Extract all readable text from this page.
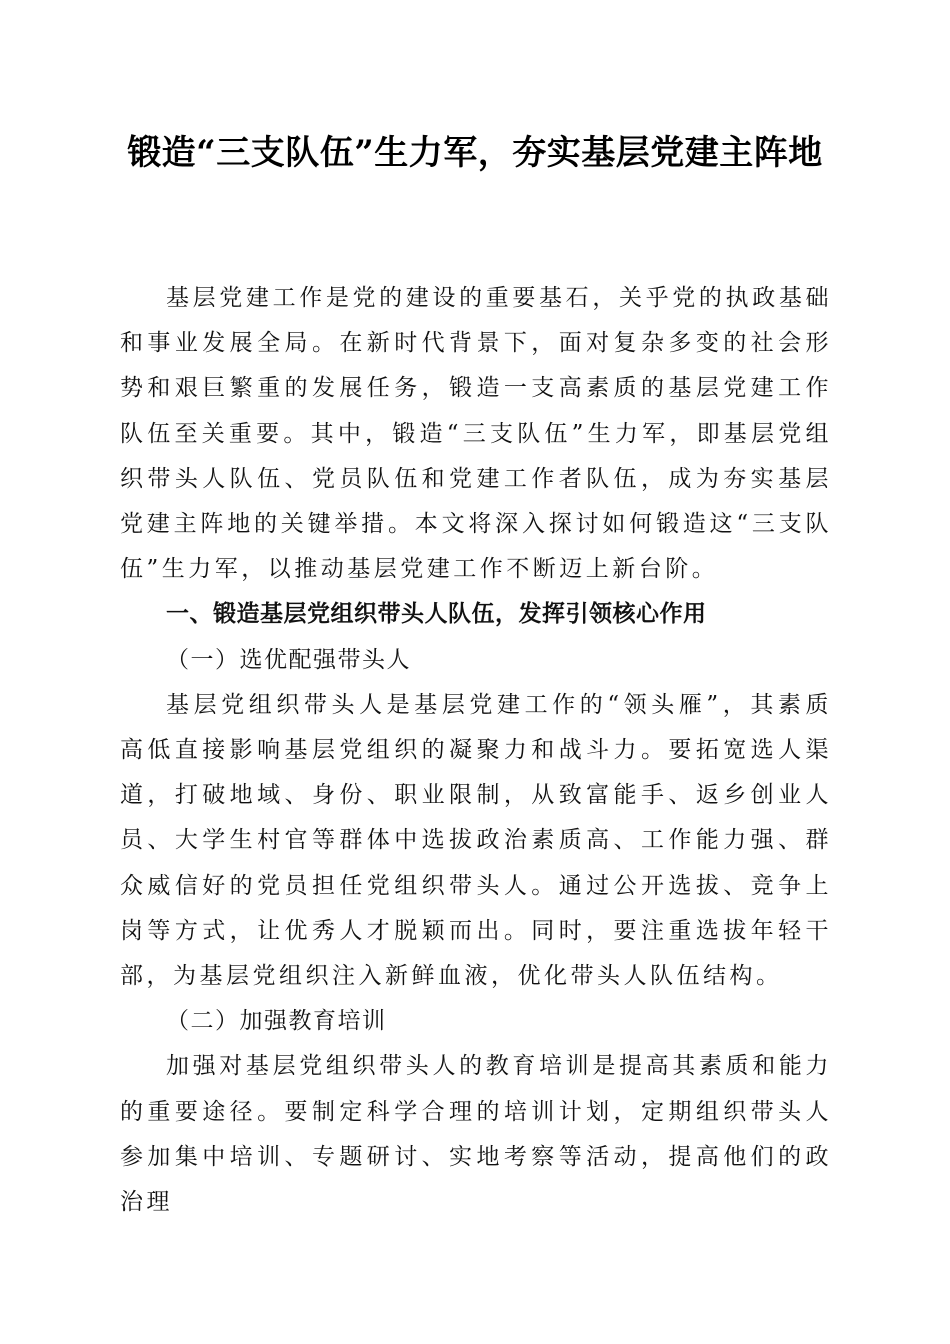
锻造“三支队伍”生力军，夯实基层党建主阵地

基层党建工作是党的建设的重要基石，关乎党的执政基础和事业发展全局。在新时代背景下，面对复杂多变的社会形势和艰巨繁重的发展任务，锻造一支高素质的基层党建工作队伍至关重要。其中，锻造“三支队伍”生力军，即基层党组织带头人队伍、党员队伍和党建工作者队伍，成为夯实基层党建主阵地的关键举措。本文将深入探讨如何锻造这“三支队伍”生力军，以推动基层党建工作不断迈上新台阶。

一、锻造基层党组织带头人队伍，发挥引领核心作用

（一）选优配强带头人

基层党组织带头人是基层党建工作的“领头雁”，其素质高低直接影响基层党组织的凝聚力和战斗力。要拓宽选人渠道，打破地域、身份、职业限制，从致富能手、返乡创业人员、大学生村官等群体中选拔政治素质高、工作能力强、群众威信好的党员担任党组织带头人。通过公开选拔、竞争上岗等方式，让优秀人才脱颖而出。同时，要注重选拔年轻干部，为基层党组织注入新鲜血液，优化带头人队伍结构。

（二）加强教育培训

加强对基层党组织带头人的教育培训是提高其素质和能力的重要途径。要制定科学合理的培训计划，定期组织带头人参加集中培训、专题研讨、实地考察等活动，提高他们的政治理
